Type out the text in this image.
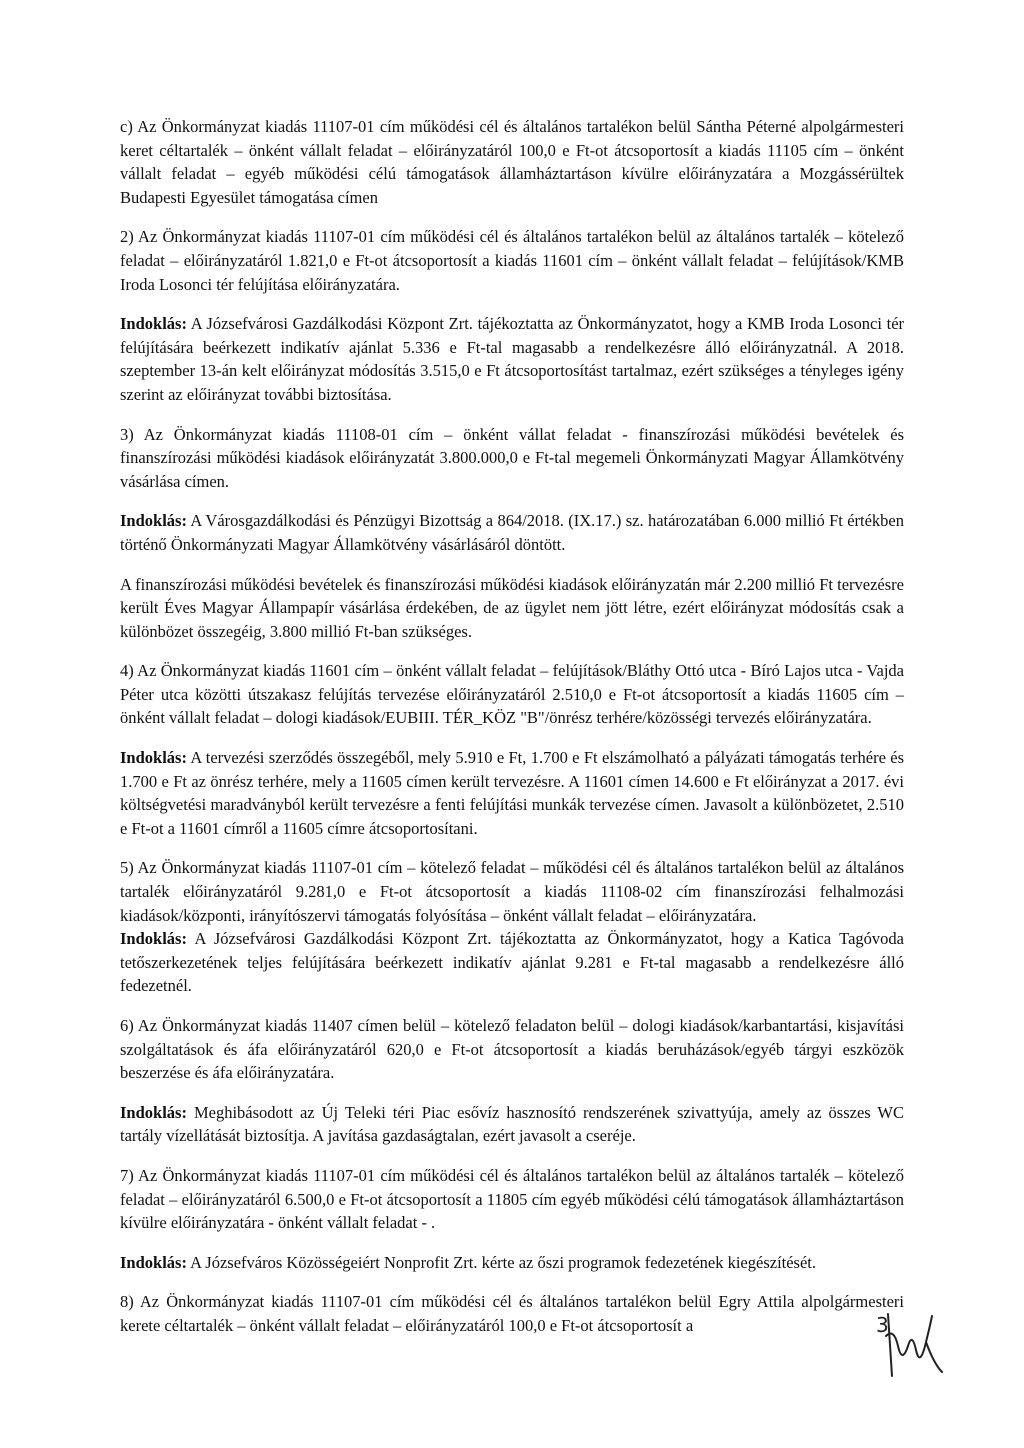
c) Az Önkormányzat kiadás 11107-01 cím működési cél és általános tartalékon belül Sántha Péterné alpolgármesteri keret céltartalék – önként vállalt feladat – előirányzatáról 100,0 e Ft-ot átcsoportosít a kiadás 11105 cím – önként vállalt feladat – egyéb működési célú támogatások államháztartáson kívülre előirányzatára a Mozgássérültek Budapesti Egyesület támogatása címen

2) Az Önkormányzat kiadás 11107-01 cím működési cél és általános tartalékon belül az általános tartalék – kötelező feladat – előirányzatáról 1.821,0 e Ft-ot átcsoportosít a kiadás 11601 cím – önként vállalt feladat – felújítások/KMB Iroda Losonci tér felújítása előirányzatára.

Indoklás: A Józsefvárosi Gazdálkodási Központ Zrt. tájékoztatta az Önkormányzatot, hogy a KMB Iroda Losonci tér felújítására beérkezett indikatív ajánlat 5.336 e Ft-tal magasabb a rendelkezésre álló előirányzatnál. A 2018. szeptember 13-án kelt előirányzat módosítás 3.515,0 e Ft átcsoportosítást tartalmaz, ezért szükséges a tényleges igény szerint az előirányzat további biztosítása.

3) Az Önkormányzat kiadás 11108-01 cím – önként vállat feladat - finanszírozási működési bevételek és finanszírozási működési kiadások előirányzatát 3.800.000,0 e Ft-tal megemeli Önkormányzati Magyar Államkötvény vásárlása címen.

Indoklás: A Városgazdálkodási és Pénzügyi Bizottság a 864/2018. (IX.17.) sz. határozatában 6.000 millió Ft értékben történő Önkormányzati Magyar Államkötvény vásárlásáról döntött.

A finanszírozási működési bevételek és finanszírozási működési kiadások előirányzatán már 2.200 millió Ft tervezésre került Éves Magyar Állampapír vásárlása érdekében, de az ügylet nem jött létre, ezért előirányzat módosítás csak a különbözet összegéig, 3.800 millió Ft-ban szükséges.

4) Az Önkormányzat kiadás 11601 cím – önként vállalt feladat – felújítások/Bláthy Ottó utca - Bíró Lajos utca - Vajda Péter utca közötti útszakasz felújítás tervezése előirányzatáról 2.510,0 e Ft-ot átcsoportosít a kiadás 11605 cím – önként vállalt feladat – dologi kiadások/EUBIII. TÉR_KÖZ "B"/önrész terhére/közösségi tervezés előirányzatára.

Indoklás: A tervezési szerződés összegéből, mely 5.910 e Ft, 1.700 e Ft elszámolható a pályázati támogatás terhére és 1.700 e Ft az önrész terhére, mely a 11605 címen került tervezésre. A 11601 címen 14.600 e Ft előirányzat a 2017. évi költségvetési maradványból került tervezésre a fenti felújítási munkák tervezése címen. Javasolt a különbözetet, 2.510 e Ft-ot a 11601 címről a 11605 címre átcsoportosítani.

5) Az Önkormányzat kiadás 11107-01 cím – kötelező feladat – működési cél és általános tartalékon belül az általános tartalék előirányzatáról 9.281,0 e Ft-ot átcsoportosít a kiadás 11108-02 cím finanszírozási felhalmozási kiadások/központi, irányítószervi támogatás folyósítása – önként vállalt feladat – előirányzatára.

Indoklás: A Józsefvárosi Gazdálkodási Központ Zrt. tájékoztatta az Önkormányzatot, hogy a Katica Tagóvoda tetőszerkezetének teljes felújítására beérkezett indikatív ajánlat 9.281 e Ft-tal magasabb a rendelkezésre álló fedezetnél.

6) Az Önkormányzat kiadás 11407 címen belül – kötelező feladaton belül – dologi kiadások/karbantartási, kisjavítási szolgáltatások és áfa előirányzatáról 620,0 e Ft-ot átcsoportosít a kiadás beruházások/egyéb tárgyi eszközök beszerzése és áfa előirányzatára.

Indoklás: Meghibásodott az Új Teleki téri Piac esővíz hasznosító rendszerének szivattyúja, amely az összes WC tartály vízellátását biztosítja. A javítása gazdaságtalan, ezért javasolt a cseréje.

7) Az Önkormányzat kiadás 11107-01 cím működési cél és általános tartalékon belül az általános tartalék – kötelező feladat – előirányzatáról 6.500,0 e Ft-ot átcsoportosít a 11805 cím egyéb működési célú támogatások államháztartáson kívülre előirányzatára - önként vállalt feladat - .

Indoklás: A Józsefváros Közösségeiért Nonprofit Zrt. kérte az őszi programok fedezetének kiegészítését.

8) Az Önkormányzat kiadás 11107-01 cím működési cél és általános tartalékon belül Egry Attila alpolgármesteri kerete céltartalék – önként vállalt feladat – előirányzatáról 100,0 e Ft-ot átcsoportosít a	3
